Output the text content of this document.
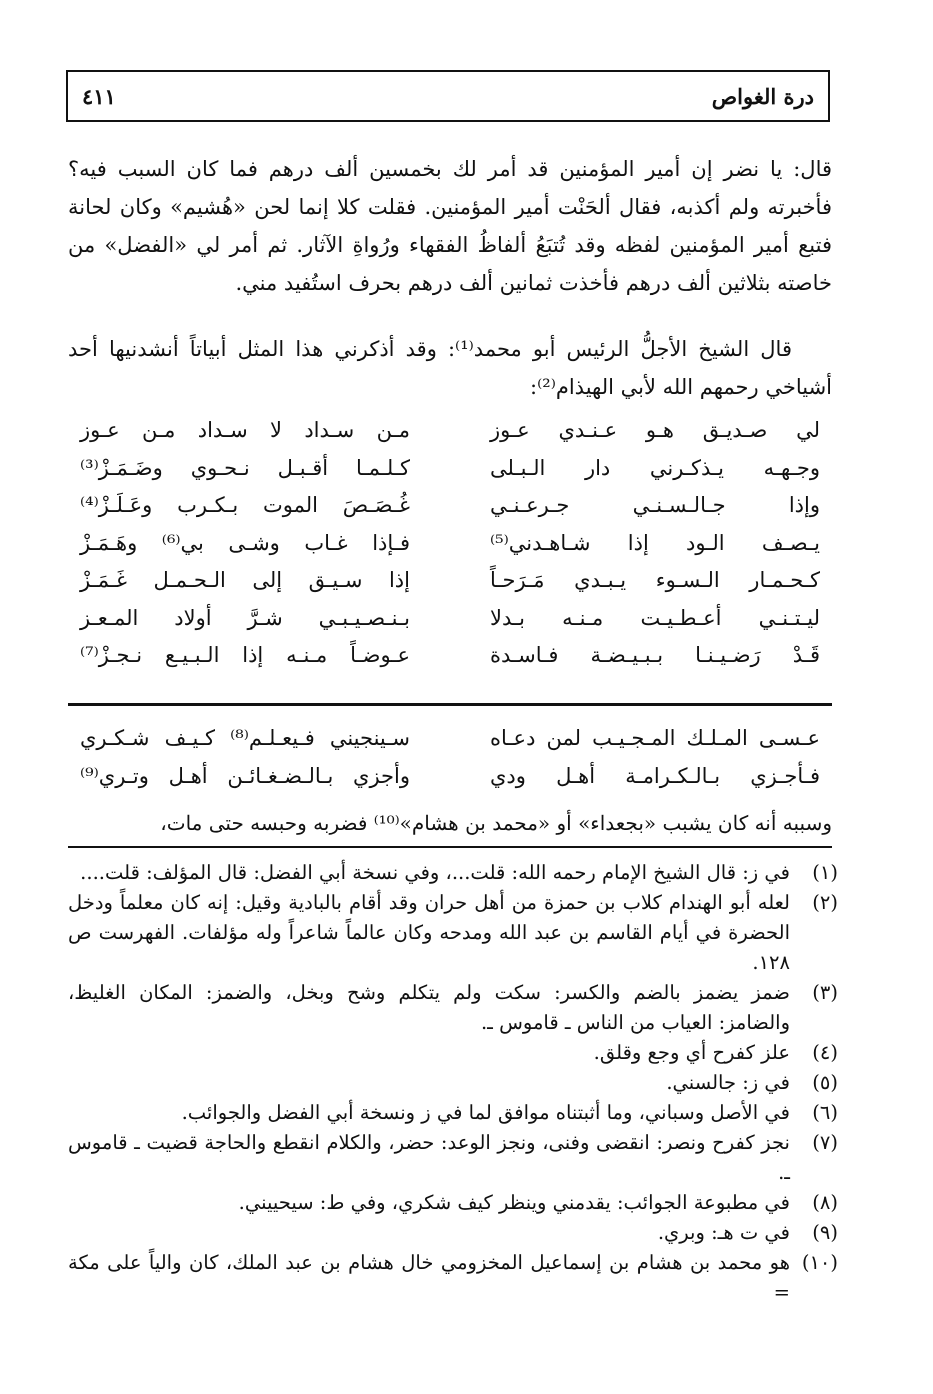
درة الغواص
٤١١

قال: يا نضر إن أمير المؤمنين قد أمر لك بخمسين ألف درهم فما كان السبب فيه؟ فأخبرته ولم أكذبه، فقال ألحَنْت أمير المؤمنين. فقلت كلا إنما لحن «هُشيم» وكان لحانة فتبع أمير المؤمنين لفظه وقد تُتبَعُ ألفاظُ الفقهاء ورُواةِ الآثار. ثم أمر لي «الفضل» من خاصته بثلاثين ألف درهم فأخذت ثمانين ألف درهم بحرف استُفيد مني.

قال الشيخ الأجلُّ الرئيس أبو محمد⁽¹⁾: وقد أذكرني هذا المثل أبياتاً أنشدنيها أحد أشياخي رحمهم الله لأبي الهيذام⁽²⁾:

لي صـديـق هـو عـنـدي عـوز
مـن سـداد لا سـداد مـن عـوز
وجـهـه يـذكـرني دار الـبـلى
كـلـمـا أقـبـل نـحـوي وضَـمَـزْ⁽³⁾
وإذا جـالـسـنـي جـرعـنـي
غُـصَـصَ الموت بـكـرب وعَـلَـزْ⁽⁴⁾
يـصـف الـود إذا شـاهـدني⁽⁵⁾
فـإذا غـاب وشـى بي⁽⁶⁾ وهَـمَـزْ
كـحـمـار الـسـوء يـبـدي مَـرَحـاً
إذا سـيـق إلى الـحـمـل غَـمَـزْ
ليـتـنـي أعـطـيـت مـنـه بـدلا
بـنـصـيـبـي شـرَّ أولاد المـعـز
قَـدْ رَضـيـنـا بـبـيـضـة فـاسـدة
عـوضـاً مـنـه إذا الـبـيـع نـجـزْ⁽⁷⁾
عـسـى المـلـك المـجـيـب لمن دعـاه
سـينجيني فـيعـلـم⁽⁸⁾ كـيـف شـكـري
فـأجـزي بـالـكـرامـة أهـل ودي
وأجزي بـالـضـغـائـن أهـل وتـري⁽⁹⁾

وسببه أنه كان يشبب «بجعداء» أو «محمد بن هشام»⁽¹⁰⁾ فضربه وحبسه حتى مات،

(١)
في ز: قال الشيخ الإمام رحمه الله: قلت...، وفي نسخة أبي الفضل: قال المؤلف: قلت....
(٢)
لعله أبو الهندام كلاب بن حمزة من أهل حران وقد أقام بالبادية وقيل: إنه كان معلماً ودخل الحضرة في أيام القاسم بن عبد الله ومدحه وكان عالماً شاعراً وله مؤلفات. الفهرست ص ١٢٨.
(٣)
ضمز يضمز بالضم والكسر: سكت ولم يتكلم وشح وبخل، والضمز: المكان الغليظ، والضامز: العياب من الناس ـ قاموس ـ.
(٤)
علز كفرح أي وجع وقلق.
(٥)
في ز: جالسني.
(٦)
في الأصل وسباني، وما أثبتناه موافق لما في ز ونسخة أبي الفضل والجوائب.
(٧)
نجز كفرح ونصر: انقضى وفنى، ونجز الوعد: حضر، والكلام انقطع والحاجة قضيت ـ قاموس ـ.
(٨)
في مطبوعة الجوائب: يقدمني وينظر كيف شكري، وفي ط: سيحييني.
(٩)
في ت هـ: وبري.
(١٠)
هو محمد بن هشام بن إسماعيل المخزومي خال هشام بن عبد الملك، كان والياً على مكة =
